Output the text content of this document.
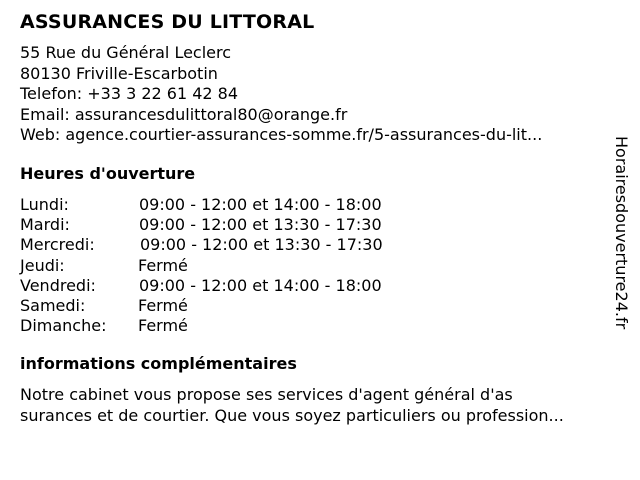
ASSURANCES DU LITTORAL
55 Rue du Général Leclerc
80130 Friville-Escarbotin
Telefon: +33 3 22 61 42 84
Email: assurancesdulittoral80@orange.fr
Web: agence.courtier-assurances-somme.fr/5-assurances-du-lit...
Heures d'ouverture
Lundi:	09:00 - 12:00 et 14:00 - 18:00
Mardi:	09:00 - 12:00 et 13:30 - 17:30
Mercredi:	09:00 - 12:00 et 13:30 - 17:30
Jeudi:	Fermé
Vendredi:	09:00 - 12:00 et 14:00 - 18:00
Samedi:	Fermé
Dimanche:	Fermé
informations complémentaires
Notre cabinet vous propose ses services d'agent général d'as
surances et de courtier. Que vous soyez particuliers ou profession...
Horairesdouverture24.fr
